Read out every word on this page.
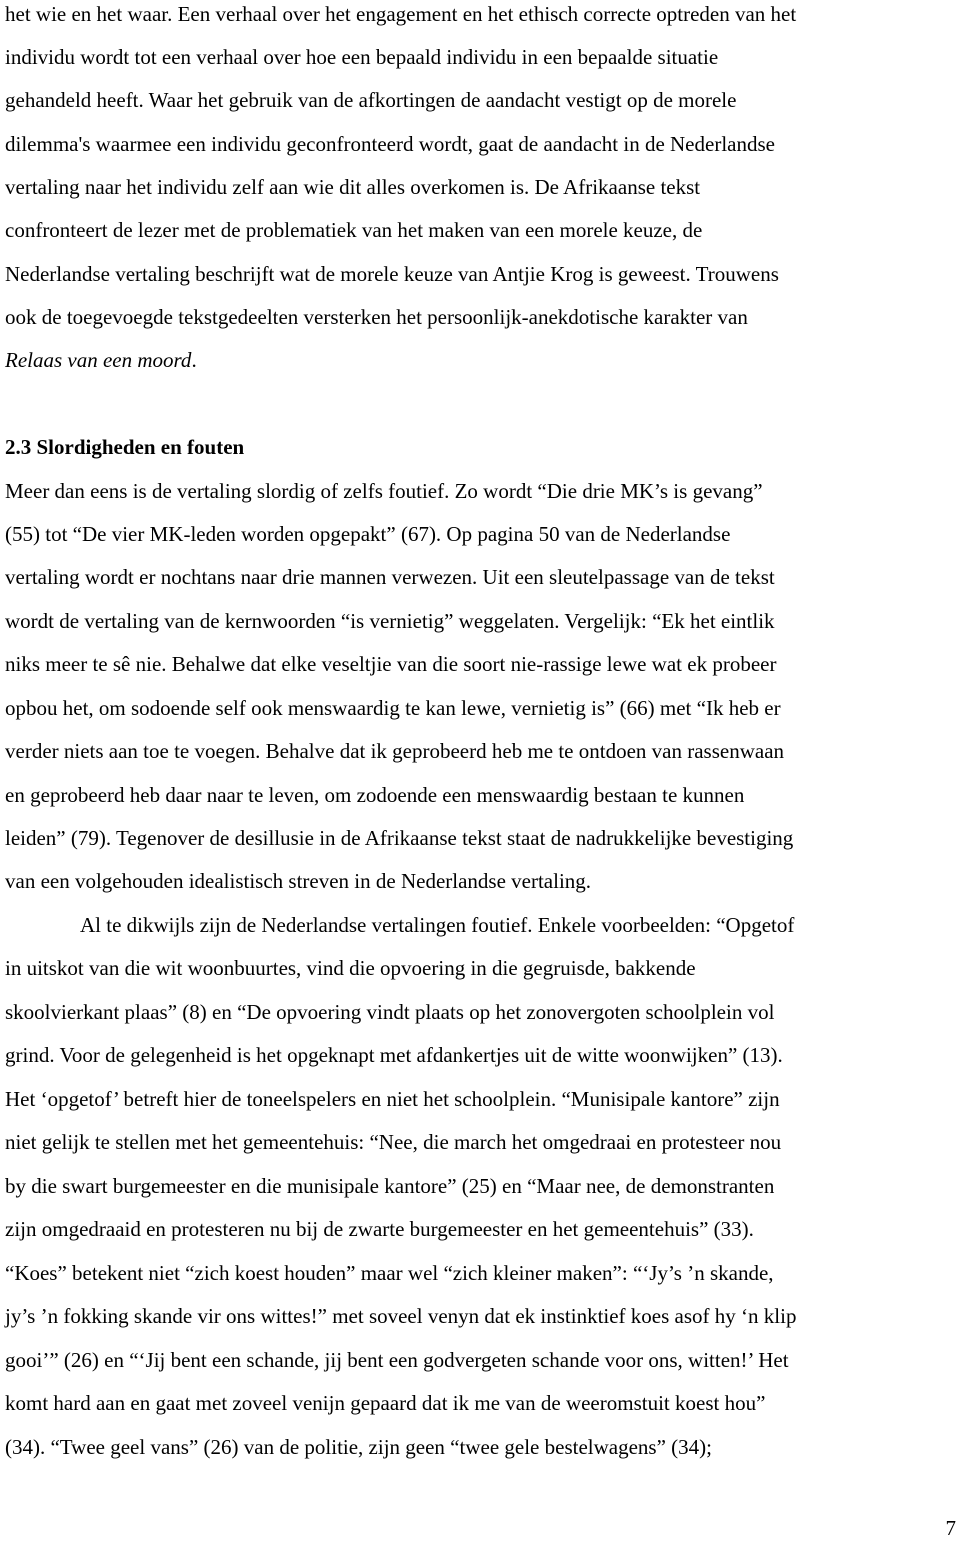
het wie en het waar. Een verhaal over het engagement en het ethisch correcte optreden van het
individu wordt tot een verhaal over hoe een bepaald individu in een bepaalde situatie
gehandeld heeft. Waar het gebruik van de afkortingen de aandacht vestigt op de morele
dilemma's waarmee een individu geconfronteerd wordt, gaat de aandacht in de Nederlandse
vertaling naar het individu zelf aan wie dit alles overkomen is. De Afrikaanse tekst
confronteert de lezer met de problematiek van het maken van een morele keuze, de
Nederlandse vertaling beschrijft wat de morele keuze van Antjie Krog is geweest. Trouwens
ook de toegevoegde tekstgedeelten versterken het persoonlijk-anekdotische karakter van
Relaas van een moord.
2.3 Slordigheden en fouten
Meer dan eens is de vertaling slordig of zelfs foutief. Zo wordt “Die drie MK’s is gevang”
(55) tot “De vier MK-leden worden opgepakt” (67). Op pagina 50 van de Nederlandse
vertaling wordt er nochtans naar drie mannen verwezen. Uit een sleutelpassage van de tekst
wordt de vertaling van de kernwoorden “is vernietig” weggelaten. Vergelijk: “Ek het eintlik
niks meer te sê nie. Behalwe dat elke veseltjie van die soort nie-rassige lewe wat ek probeer
opbou het, om sodoende self ook menswaardig te kan lewe, vernietig is” (66) met “Ik heb er
verder niets aan toe te voegen. Behalve dat ik geprobeerd heb me te ontdoen van rassenwaan
en geprobeerd heb daar naar te leven, om zodoende een menswaardig bestaan te kunnen
leiden” (79). Tegenover de desillusie in de Afrikaanse tekst staat de nadrukkelijke bevestiging
van een volgehouden idealistisch streven in de Nederlandse vertaling.
Al te dikwijls zijn de Nederlandse vertalingen foutief. Enkele voorbeelden: “Opgetof
in uitskot van die wit woonbuurtes, vind die opvoering in die gegruisde, bakkende
skoolvierkant plaas” (8) en “De opvoering vindt plaats op het zonovergoten schoolplein vol
grind. Voor de gelegenheid is het opgeknapt met afdankertjes uit de witte woonwijken” (13).
Het ‘opgetof’ betreft hier de toneelspelers en niet het schoolplein. “Munisipale kantore” zijn
niet gelijk te stellen met het gemeentehuis: “Nee, die march het omgedraai en protesteer nou
by die swart burgemeester en die munisipale kantore” (25) en “Maar nee, de demonstranten
zijn omgedraaid en protesteren nu bij de zwarte burgemeester en het gemeentehuis” (33).
“Koes” betekent niet “zich koest houden” maar wel “zich kleiner maken”: “‘Jy’s ’n skande,
jy’s ’n fokking skande vir ons wittes!” met soveel venyn dat ek instinktief koes asof hy ‘n klip
gooi’” (26) en “‘Jij bent een schande, jij bent een godvergeten schande voor ons, witten!’ Het
komt hard aan en gaat met zoveel venijn gepaard dat ik me van de weeromstuit koest hou”
(34). “Twee geel vans” (26) van de politie, zijn geen “twee gele bestelwagens” (34);
7
